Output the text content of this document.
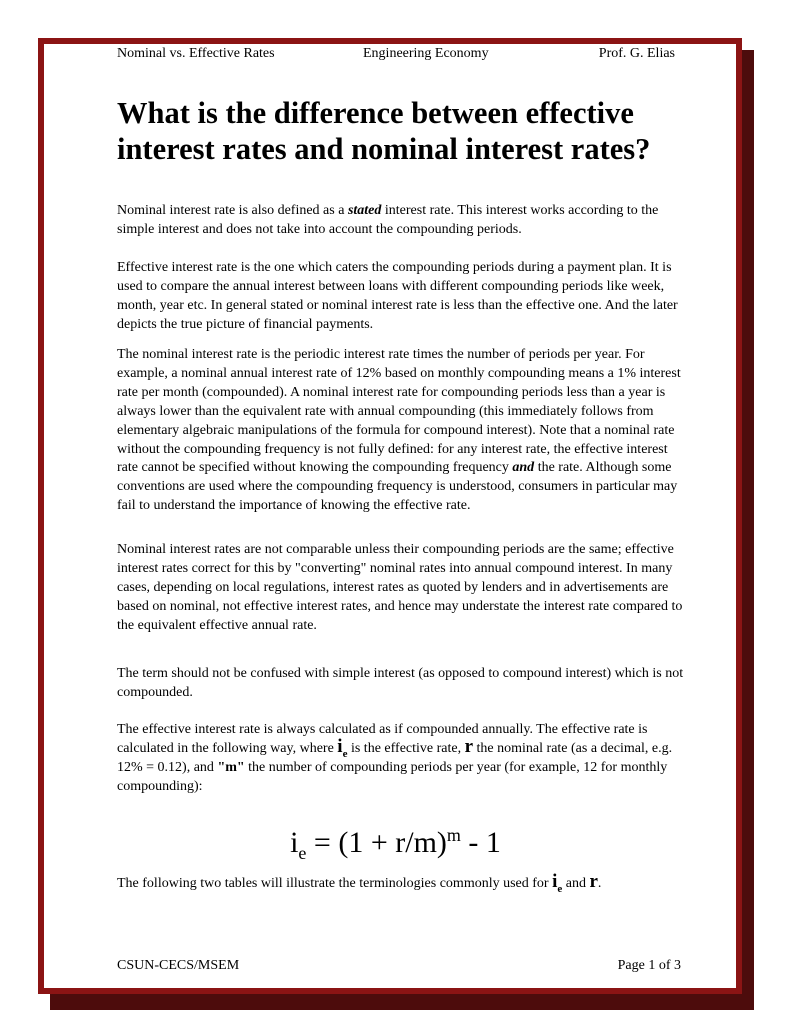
Nominal vs. Effective Rates	Engineering Economy	Prof. G. Elias
What is the difference between effective interest rates and nominal interest rates?

Nominal interest rate is also defined as a stated interest rate. This interest works according to the simple interest and does not take into account the compounding periods.

Effective interest rate is the one which caters the compounding periods during a payment plan. It is used to compare the annual interest between loans with different compounding periods like week, month, year etc. In general stated or nominal interest rate is less than the effective one. And the later depicts the true picture of financial payments.

The nominal interest rate is the periodic interest rate times the number of periods per year. For example, a nominal annual interest rate of 12% based on monthly compounding means a 1% interest rate per month (compounded). A nominal interest rate for compounding periods less than a year is always lower than the equivalent rate with annual compounding (this immediately follows from elementary algebraic manipulations of the formula for compound interest). Note that a nominal rate without the compounding frequency is not fully defined: for any interest rate, the effective interest rate cannot be specified without knowing the compounding frequency and the rate. Although some conventions are used where the compounding frequency is understood, consumers in particular may fail to understand the importance of knowing the effective rate.

Nominal interest rates are not comparable unless their compounding periods are the same; effective interest rates correct for this by "converting" nominal rates into annual compound interest. In many cases, depending on local regulations, interest rates as quoted by lenders and in advertisements are based on nominal, not effective interest rates, and hence may understate the interest rate compared to the equivalent effective annual rate.

The term should not be confused with simple interest (as opposed to compound interest) which is not compounded.

The effective interest rate is always calculated as if compounded annually. The effective rate is calculated in the following way, where $i_e$ is the effective rate, r the nominal rate (as a decimal, e.g. 12% = 0.12), and "m" the number of compounding periods per year (for example, 12 for monthly compounding):

$i_e = (1 + r/m)^m - 1$

The following two tables will illustrate the terminologies commonly used for $i_e$ and r.

CSUN-CECS/MSEM	Page 1 of 3
